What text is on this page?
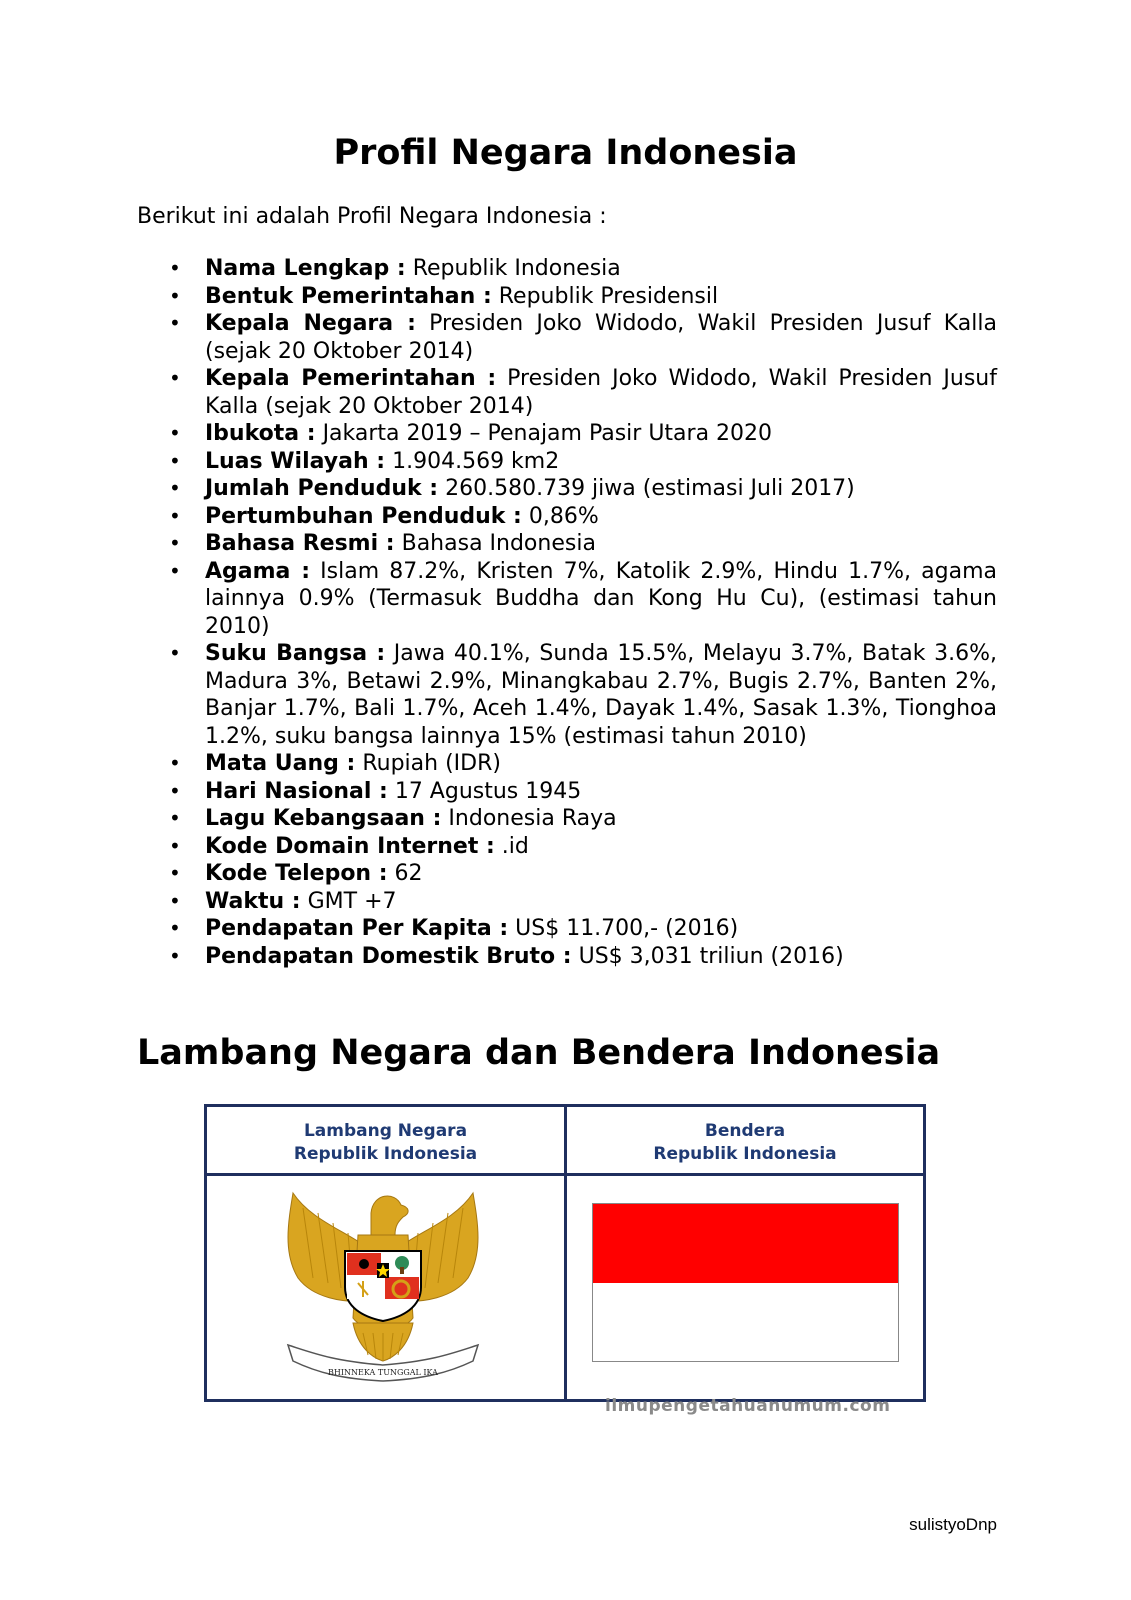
Profil Negara Indonesia

Berikut ini adalah Profil Negara Indonesia :

• Nama Lengkap : Republik Indonesia
• Bentuk Pemerintahan : Republik Presidensil
• Kepala Negara : Presiden Joko Widodo, Wakil Presiden Jusuf Kalla (sejak 20 Oktober 2014)
• Kepala Pemerintahan : Presiden Joko Widodo, Wakil Presiden Jusuf Kalla (sejak 20 Oktober 2014)
• Ibukota : Jakarta 2019 – Penajam Pasir Utara 2020
• Luas Wilayah : 1.904.569 km2
• Jumlah Penduduk : 260.580.739 jiwa (estimasi Juli 2017)
• Pertumbuhan Penduduk : 0,86%
• Bahasa Resmi : Bahasa Indonesia
• Agama : Islam 87.2%, Kristen 7%, Katolik 2.9%, Hindu 1.7%, agama lainnya 0.9% (Termasuk Buddha dan Kong Hu Cu), (estimasi tahun 2010)
• Suku Bangsa : Jawa 40.1%, Sunda 15.5%, Melayu 3.7%, Batak 3.6%, Madura 3%, Betawi 2.9%, Minangkabau 2.7%, Bugis 2.7%, Banten 2%, Banjar 1.7%, Bali 1.7%, Aceh 1.4%, Dayak 1.4%, Sasak 1.3%, Tionghoa 1.2%, suku bangsa lainnya 15% (estimasi tahun 2010)
• Mata Uang : Rupiah (IDR)
• Hari Nasional : 17 Agustus 1945
• Lagu Kebangsaan : Indonesia Raya
• Kode Domain Internet : .id
• Kode Telepon : 62
• Waktu : GMT +7
• Pendapatan Per Kapita : US$ 11.700,- (2016)
• Pendapatan Domestik Bruto : US$ 3,031 triliun (2016)
Lambang Negara dan Bendera Indonesia
Lambang Negara
Republik Indonesia
Bendera
Republik Indonesia
BHINNEKA TUNGGAL IKA
ilmupengetahuanumum.com
sulistyoDnp
